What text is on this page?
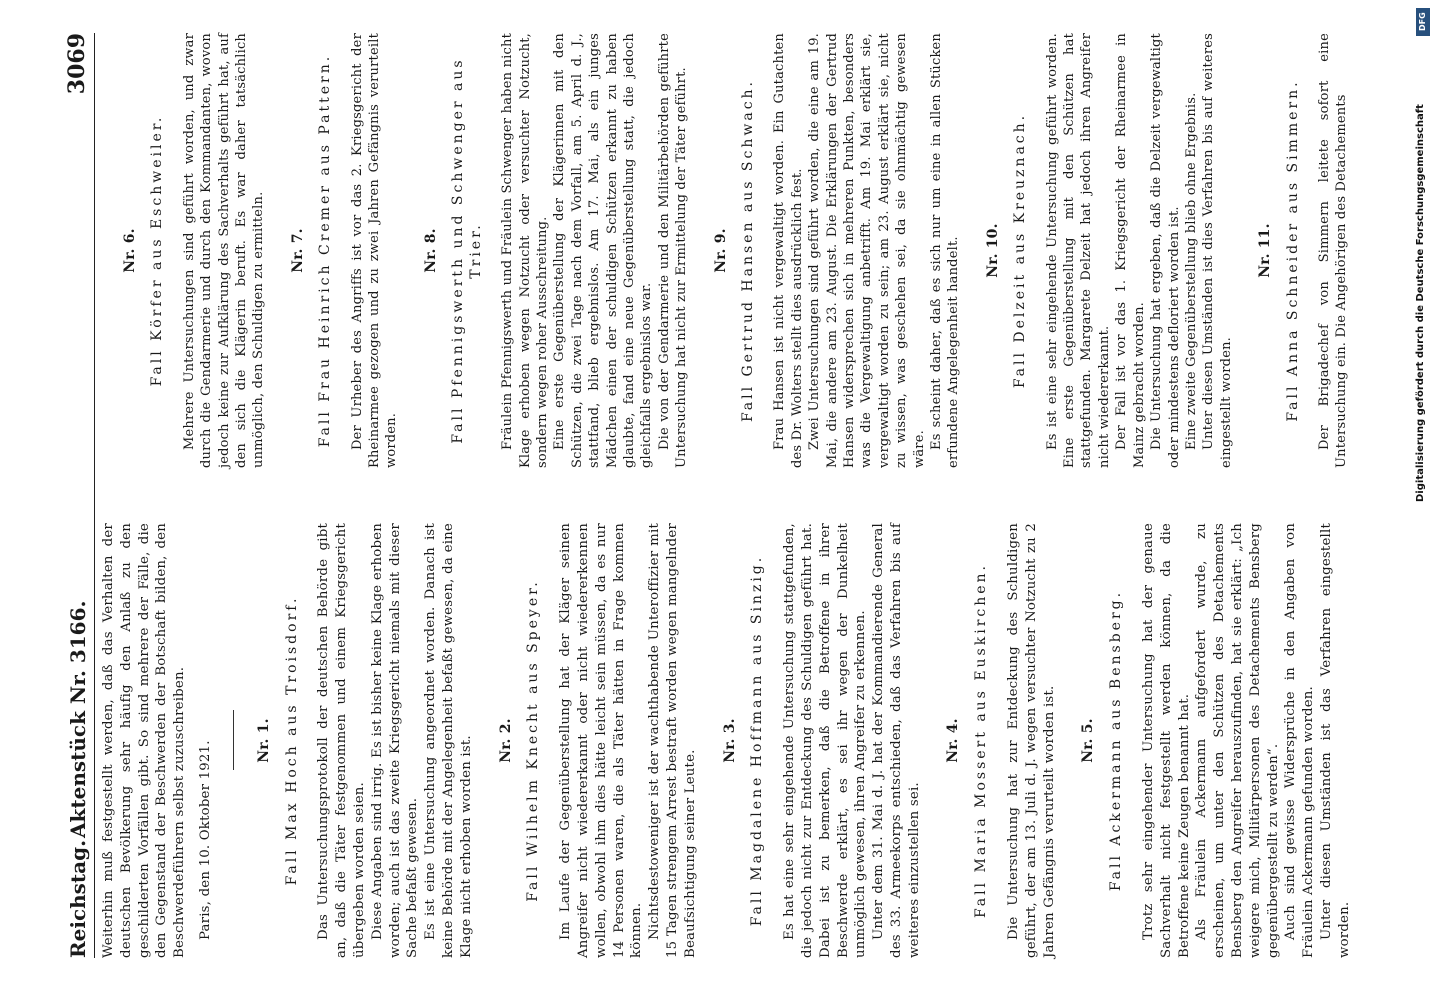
Reichstag.
Aktenstück Nr. 3166.
3069

Weiterhin muß festgestellt werden, daß das Verhalten der deutschen Bevölkerung sehr häufig den Anlaß zu den geschilderten Vorfällen gibt. So sind mehrere der Fälle, die den Gegenstand der Beschwerden der Botschaft bilden, den Beschwerdeführern selbst zuzuschreiben. Paris, den 10. Oktober 1921.	Nr. 1. Fall Max Hoch aus Troisdorf. Das Untersuchungsprotokoll der deutschen Behörde gibt an, daß die Täter festgenommen und einem Kriegsgericht übergeben worden seien. Diese Angaben sind irrig. Es ist bisher keine Klage erhoben worden; auch ist das zweite Kriegsgericht niemals mit dieser Sache befaßt gewesen. Es ist eine Untersuchung angeordnet worden. Danach ist keine Behörde mit der Angelegenheit befaßt gewesen, da eine Klage nicht erhoben worden ist. Nr. 2. Fall Wilhelm Knecht aus Speyer. Im Laufe der Gegenüberstellung hat der Kläger seinen Angreifer nicht wiedererkannt oder nicht wiedererkennen wollen, obwohl ihm dies hätte leicht sein müssen, da es nur 14 Personen waren, die als Täter hätten in Frage kommen können. Nichtsdestoweniger ist der wachthabende Unteroffizier mit 15 Tagen strengem Arrest bestraft worden wegen mangelnder Beaufsichtigung seiner Leute.

Nr. 3. Fall Magdalene Hoffmann aus Sinzig. Es hat eine sehr eingehende Untersuchung stattgefunden, die jedoch nicht zur Entdeckung des Schuldigen geführt hat. Dabei ist zu bemerken, daß die Betroffene in ihrer Beschwerde erklärt, es sei ihr wegen der Dunkelheit unmöglich gewesen, ihren Angreifer zu erkennen. Unter dem 31. Mai d. J. hat der Kommandierende General des 33. Armeekorps entschieden, daß das Verfahren bis auf weiteres einzustellen sei.

Nr. 4. Fall Maria Mossert aus Euskirchen. Die Untersuchung hat zur Entdeckung des Schuldigen geführt, der am 13. Juli d. J. wegen versuchter Notzucht zu 2 Jahren Gefängnis verurteilt worden ist. Nr. 5. Fall Ackermann aus Bensberg. Trotz sehr eingehender Untersuchung hat der genaue Sachverhalt nicht festgestellt werden können, da die Betroffene keine Zeugen benannt hat. Als Fräulein Ackermann aufgefordert wurde, zu erscheinen, um unter den Schützen des Detachements Bensberg den Angreifer herauszufinden, hat sie erklärt: „Ich weigere mich, Militärpersonen des Detachements Bensberg gegenübergestellt zu werden“. Auch sind gewisse Widersprüche in den Angaben von Fräulein Ackermann gefunden worden. Unter diesen Umständen ist das Verfahren eingestellt worden.

Nr. 6. Fall Körfer aus Eschweiler. Mehrere Untersuchungen sind geführt worden, und zwar durch die Gendarmerie und durch den Kommandanten, wovon jedoch keine zur Aufklärung des Sachverhalts geführt hat, auf den sich die Klägerin beruft. Es war daher tatsächlich unmöglich, den Schuldigen zu ermitteln. Nr. 7. Fall Frau Heinrich Cremer aus Pattern. Der Urheber des Angriffs ist vor das 2. Kriegsgericht der Rheinarmee gezogen und zu zwei Jahren Gefängnis verurteilt worden.

Nr. 8. Fall Pfennigswerth und Schwenger aus Trier. Fräulein Pfennigswerth und Fräulein Schwenger haben nicht Klage erhoben wegen Notzucht oder versuchter Notzucht, sondern wegen roher Ausschreitung. Eine erste Gegenüberstellung der Klägerinnen mit den Schützen, die zwei Tage nach dem Vorfall, am 5. April d. J., stattfand, blieb ergebnislos. Am 17. Mai, als ein junges Mädchen einen der schuldigen Schützen erkannt zu haben glaubte, fand eine neue Gegenüberstellung statt, die jedoch gleichfalls ergebnislos war. Die von der Gendarmerie und den Militärbehörden geführte Untersuchung hat nicht zur Ermittelung der Täter geführt. Nr. 9. Fall Gertrud Hansen aus Schwach. Frau Hansen ist nicht vergewaltigt worden. Ein Gutachten des Dr. Wolters stellt dies ausdrücklich fest. Zwei Untersuchungen sind geführt worden, die eine am 19. Mai, die andere am 23. August. Die Erklärungen der Gertrud Hansen widersprechen sich in mehreren Punkten, besonders was die Vergewaltigung anbetrifft. Am 19. Mai erklärt sie, vergewaltigt worden zu sein; am 23. August erklärt sie, nicht zu wissen, was geschehen sei, da sie ohnmächtig gewesen wäre. Es scheint daher, daß es sich nur um eine in allen Stücken erfundene Angelegenheit handelt. Nr. 10. Fall Delzeit aus Kreuznach. Es ist eine sehr eingehende Untersuchung geführt worden. Eine erste Gegenüberstellung mit den Schützen hat stattgefunden. Margarete Delzeit hat jedoch ihren Angreifer nicht wiedererkannt. Der Fall ist vor das 1. Kriegsgericht der Rheinarmee in Mainz gebracht worden. Die Untersuchung hat ergeben, daß die Delzeit vergewaltigt oder mindestens defloriert worden ist. Eine zweite Gegenüberstellung blieb ohne Ergebnis. Unter diesen Umständen ist dies Verfahren bis auf weiteres eingestellt worden.

Nr. 11. Fall Anna Schneider aus Simmern. Der Brigadechef von Simmern leitete sofort eine Untersuchung ein. Die Angehörigen des Detachements

DFG
Digitalisierung gefördert durch die Deutsche Forschungsgemeinschaft
